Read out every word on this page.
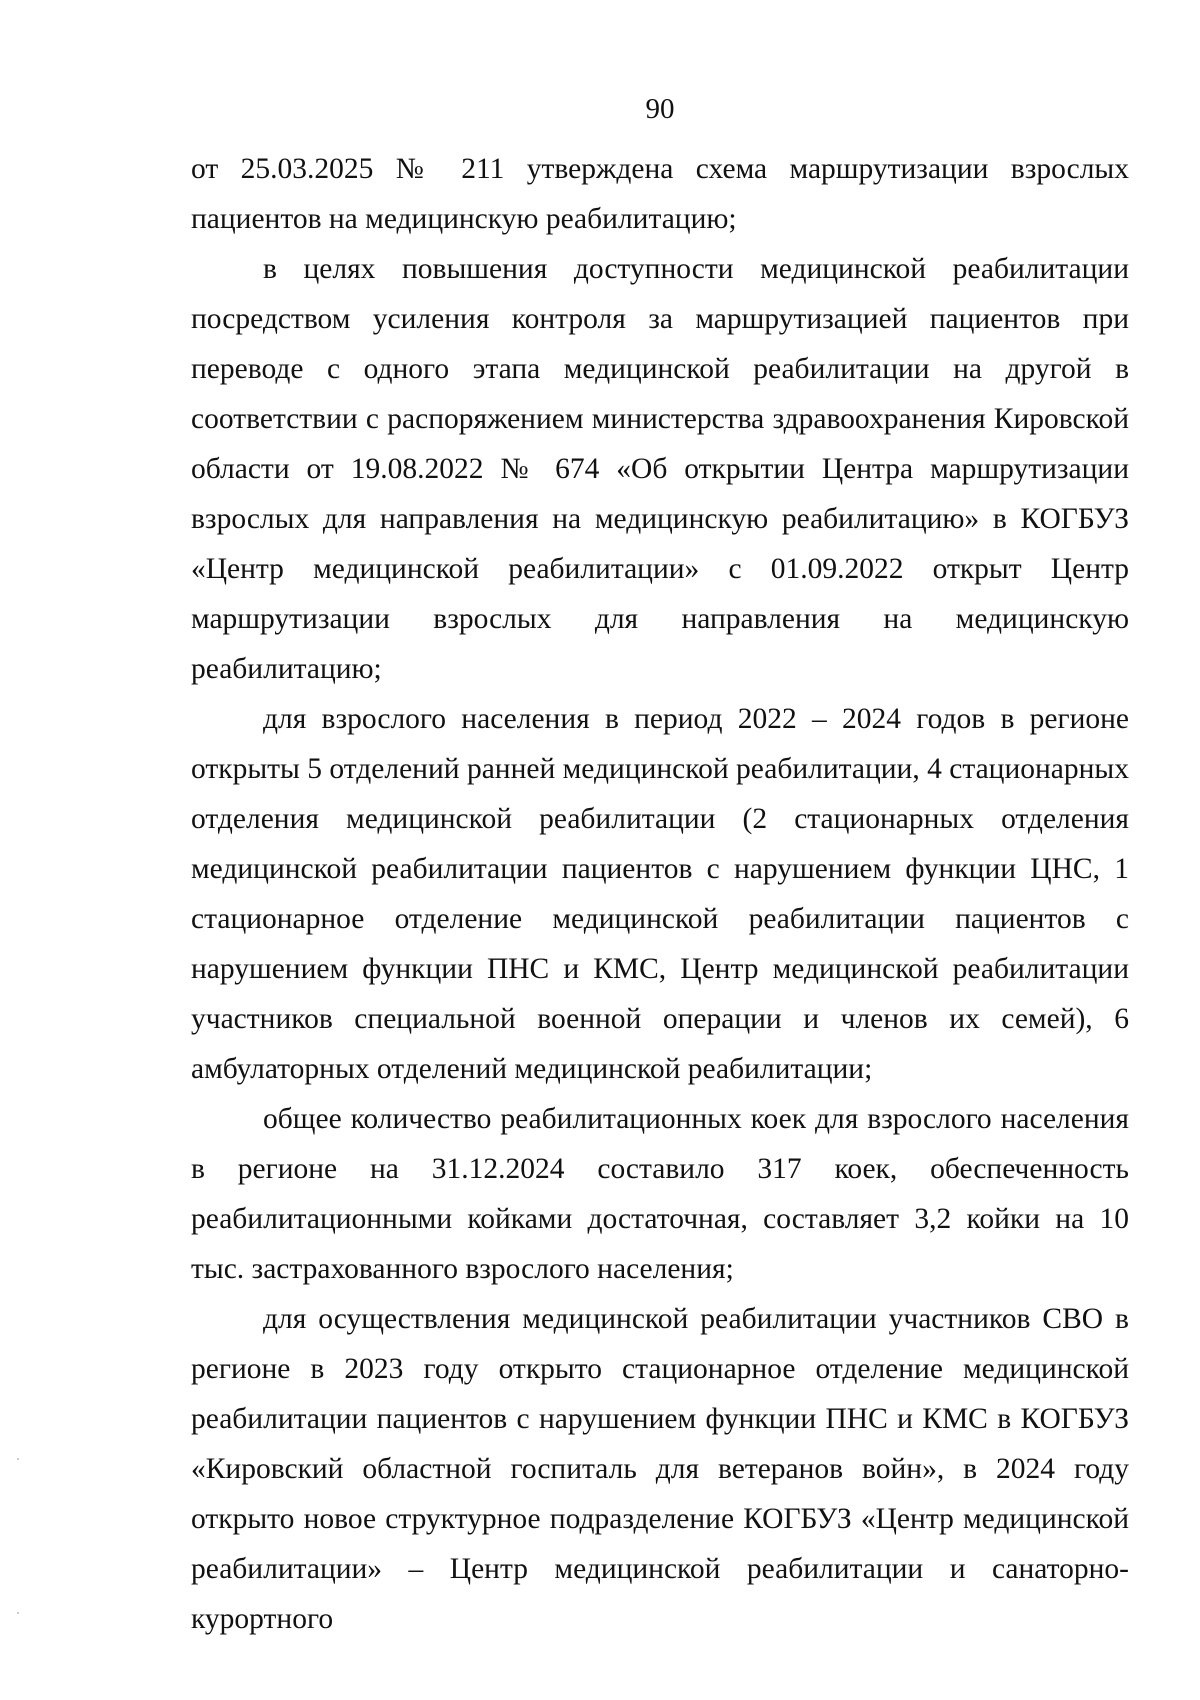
90

от 25.03.2025 № 211 утверждена схема маршрутизации взрослых пациентов на медицинскую реабилитацию;

в целях повышения доступности медицинской реабилитации посредством усиления контроля за маршрутизацией пациентов при переводе с одного этапа медицинской реабилитации на другой в соответствии с распоряжением министерства здравоохранения Кировской области от 19.08.2022 № 674 «Об открытии Центра маршрутизации взрослых для направления на медицинскую реабилитацию» в КОГБУЗ «Центр медицинской реабилитации» с 01.09.2022 открыт Центр маршрутизации взрослых для направления на медицинскую реабилитацию;

для взрослого населения в период 2022 – 2024 годов в регионе открыты 5 отделений ранней медицинской реабилитации, 4 стационарных отделения медицинской реабилитации (2 стационарных отделения медицинской реабилитации пациентов с нарушением функции ЦНС, 1 стационарное отделение медицинской реабилитации пациентов с нарушением функции ПНС и КМС, Центр медицинской реабилитации участников специальной военной операции и членов их семей), 6 амбулаторных отделений медицинской реабилитации;

общее количество реабилитационных коек для взрослого населения в регионе на 31.12.2024 составило 317 коек, обеспеченность реабилитационными койками достаточная, составляет 3,2 койки на 10 тыс. застрахованного взрослого населения;

для осуществления медицинской реабилитации участников СВО в регионе в 2023 году открыто стационарное отделение медицинской реабилитации пациентов с нарушением функции ПНС и КМС в КОГБУЗ «Кировский областной госпиталь для ветеранов войн», в 2024 году открыто новое структурное подразделение КОГБУЗ «Центр медицинской реабилитации» – Центр медицинской реабилитации и санаторно-курортного
